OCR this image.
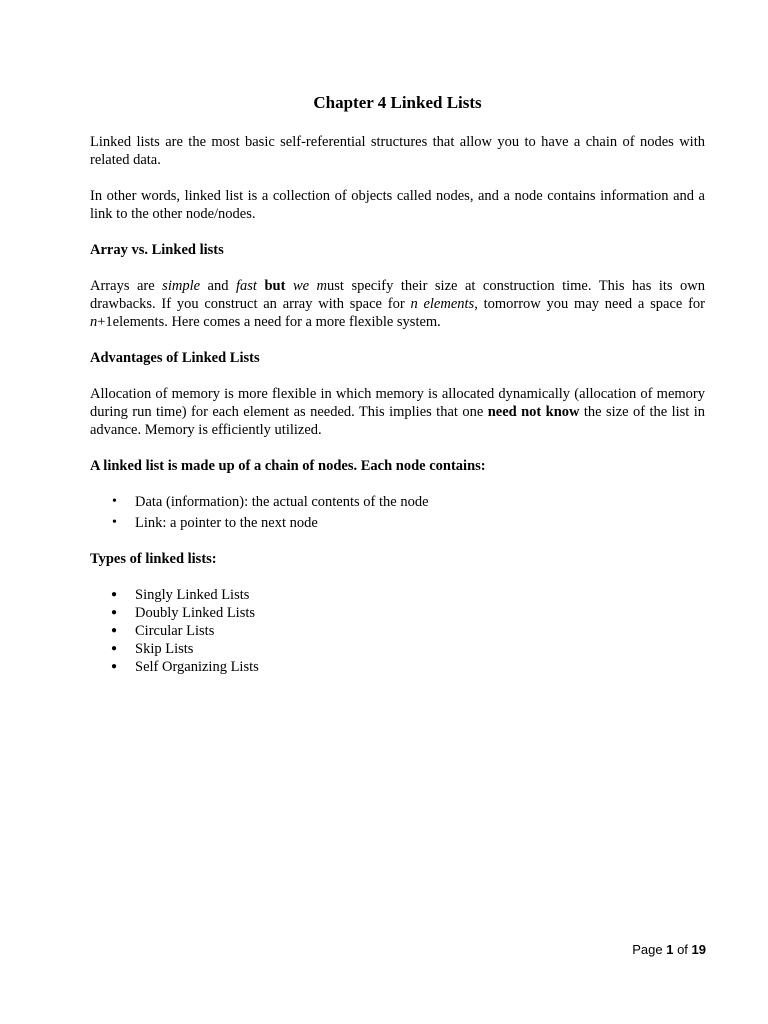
Chapter 4 Linked Lists

Linked lists are the most basic self-referential structures that allow you to have a chain of nodes with related data.

In other words, linked list is a collection of objects called nodes, and a node contains information and a link to the other node/nodes.

Array vs. Linked lists

Arrays are simple and fast but we must specify their size at construction time. This has its own drawbacks. If you construct an array with space for n elements, tomorrow you may need a space for n+1elements. Here comes a need for a more flexible system.

Advantages of Linked Lists

Allocation of memory is more flexible in which memory is allocated dynamically (allocation of memory during run time) for each element as needed. This implies that one need not know the size of the list in advance. Memory is efficiently utilized.

A linked list is made up of a chain of nodes. Each node contains:
• Data (information): the actual contents of the node
• Link: a pointer to the next node
Types of linked lists:
● Singly Linked Lists
● Doubly Linked Lists
● Circular Lists
● Skip Lists
● Self Organizing Lists
Page 1 of 19
